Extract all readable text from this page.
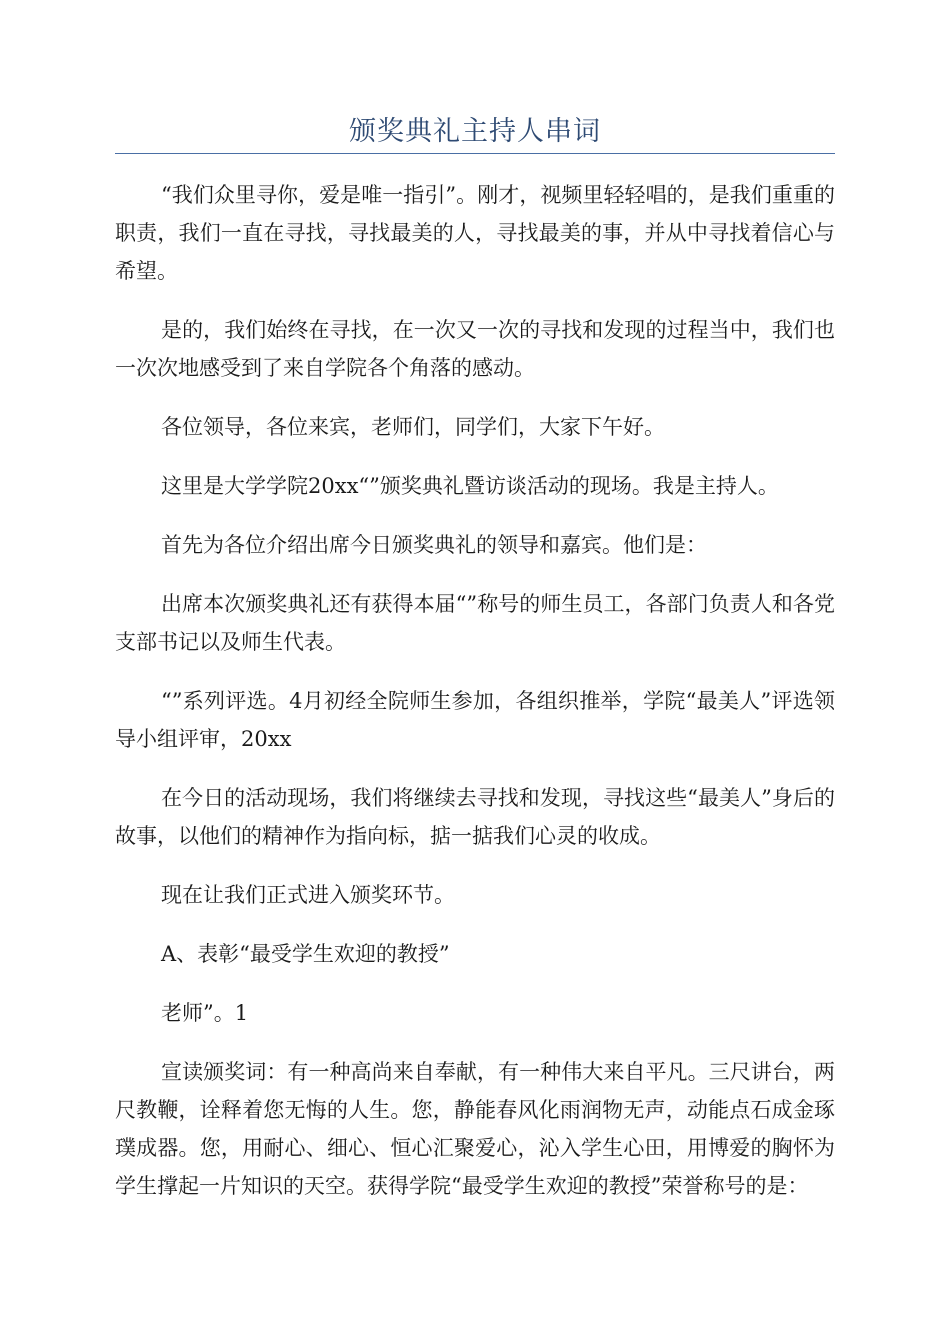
颁奖典礼主持人串词

“我们众里寻你，爱是唯一指引”。刚才，视频里轻轻唱的，是我们重重的职责，我们一直在寻找，寻找最美的人，寻找最美的事，并从中寻找着信心与希望。

是的，我们始终在寻找，在一次又一次的寻找和发现的过程当中，我们也一次次地感受到了来自学院各个角落的感动。

各位领导，各位来宾，老师们，同学们，大家下午好。

这里是大学学院20xx“”颁奖典礼暨访谈活动的现场。我是主持人。

首先为各位介绍出席今日颁奖典礼的领导和嘉宾。他们是：

出席本次颁奖典礼还有获得本届“”称号的师生员工，各部门负责人和各党支部书记以及师生代表。

“”系列评选。4月初经全院师生参加，各组织推举，学院“最美人”评选领导小组评审，20xx

在今日的活动现场，我们将继续去寻找和发现，寻找这些“最美人”身后的故事，以他们的精神作为指向标，掂一掂我们心灵的收成。

现在让我们正式进入颁奖环节。

A、表彰“最受学生欢迎的教授”

老师”。1

宣读颁奖词：有一种高尚来自奉献，有一种伟大来自平凡。三尺讲台，两尺教鞭，诠释着您无悔的人生。您，静能春风化雨润物无声，动能点石成金琢璞成器。您，用耐心、细心、恒心汇聚爱心，沁入学生心田，用博爱的胸怀为学生撑起一片知识的天空。获得学院“最受学生欢迎的教授”荣誉称号的是：
